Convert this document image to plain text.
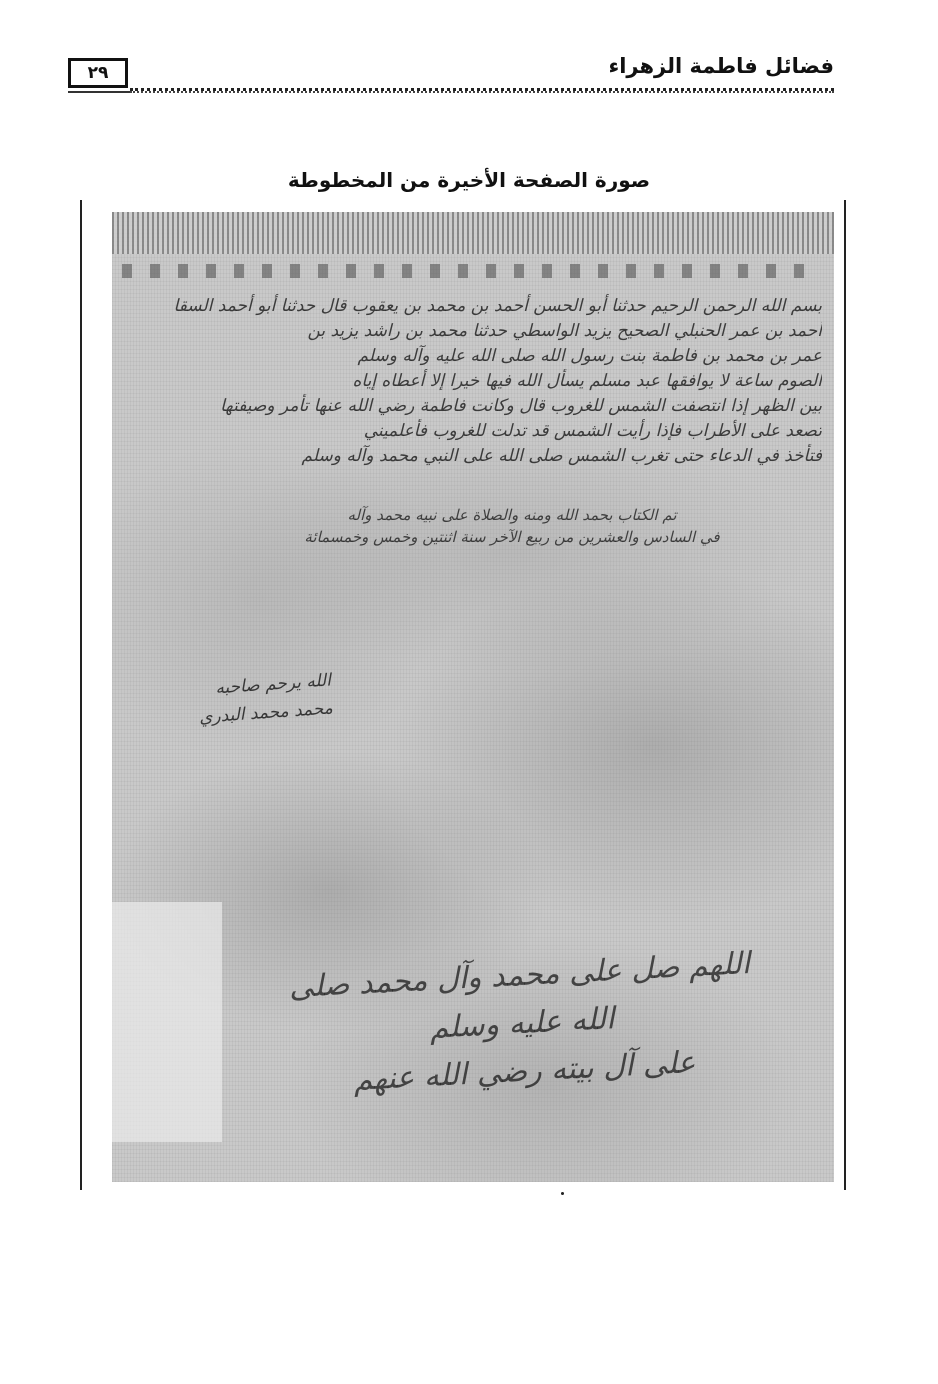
فضائل فاطمة الزهراء
٢٩
صورة الصفحة الأخيرة من المخطوطة
بسم الله الرحمن الرحيم حدثنا أبو الحسن أحمد بن محمد بن يعقوب قال حدثنا أبو أحمد السقا
أحمد بن عمر الحنبلي الصحيح يزيد الواسطي حدثنا محمد بن راشد يزيد بن
عمر بن محمد بن فاطمة بنت رسول الله صلى الله عليه وآله وسلم
الصوم ساعة لا يوافقها عبد مسلم يسأل الله فيها خيرا إلا أعطاه إياه
بين الظهر إذا انتصفت الشمس للغروب قال وكانت فاطمة رضي الله عنها تأمر وصيفتها
تصعد على الأطراب فإذا رأيت الشمس قد تدلت للغروب فأعلميني
فتأخذ في الدعاء حتى تغرب الشمس صلى الله على النبي محمد وآله وسلم
تم الكتاب بحمد الله ومنه والصلاة على نبيه محمد وآله
في السادس والعشرين من ربيع الآخر سنة اثنتين وخمس وخمسمائة
الله يرحم صاحبه
محمد محمد البدري
اللهم صل على محمد وآل محمد صلى الله عليه وسلم
على آل بيته رضي الله عنهم
